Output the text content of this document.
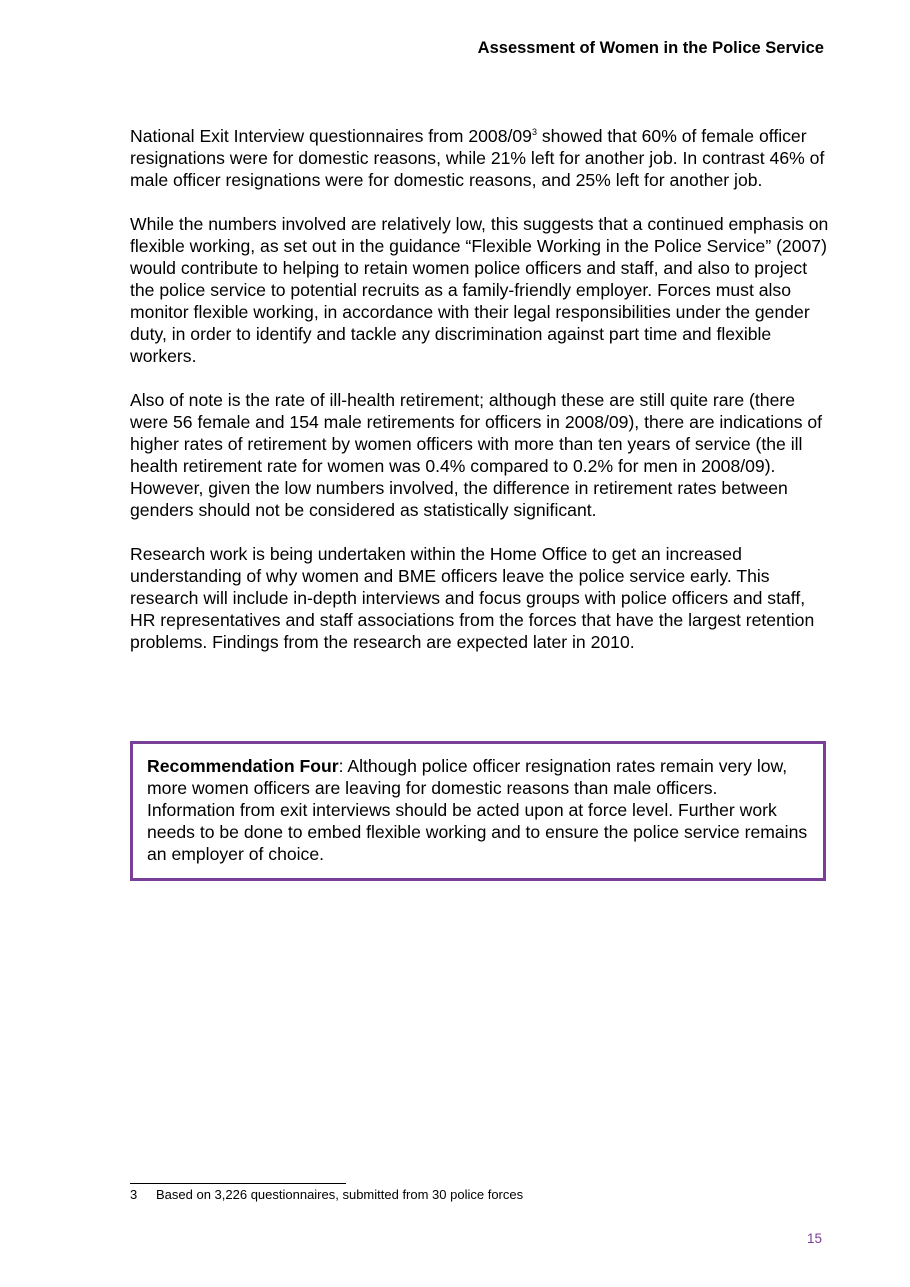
Assessment of Women in the Police Service

National Exit Interview questionnaires from $2008/09^3$ showed that 60% of female officer resignations were for domestic reasons, while 21% left for another job. In contrast 46% of male officer resignations were for domestic reasons, and 25% left for another job.

While the numbers involved are relatively low, this suggests that a continued emphasis on flexible working, as set out in the guidance “Flexible Working in the Police Service” (2007) would contribute to helping to retain women police officers and staff, and also to project the police service to potential recruits as a family-friendly employer. Forces must also monitor flexible working, in accordance with their legal responsibilities under the gender duty, in order to identify and tackle any discrimination against part time and flexible workers.

Also of note is the rate of ill-health retirement; although these are still quite rare (there were 56 female and 154 male retirements for officers in 2008/09), there are indications of higher rates of retirement by women officers with more than ten years of service (the ill health retirement rate for women was 0.4% compared to 0.2% for men in 2008/09). However, given the low numbers involved, the difference in retirement rates between genders should not be considered as statistically significant.

Research work is being undertaken within the Home Office to get an increased understanding of why women and BME officers leave the police service early. This research will include in-depth interviews and focus groups with police officers and staff, HR representatives and staff associations from the forces that have the largest retention problems. Findings from the research are expected later in 2010.

Recommendation Four: Although police officer resignation rates remain very low, more women officers are leaving for domestic reasons than male officers. Information from exit interviews should be acted upon at force level. Further work needs to be done to embed flexible working and to ensure the police service remains an employer of choice.
3 Based on 3,226 questionnaires, submitted from 30 police forces
15
